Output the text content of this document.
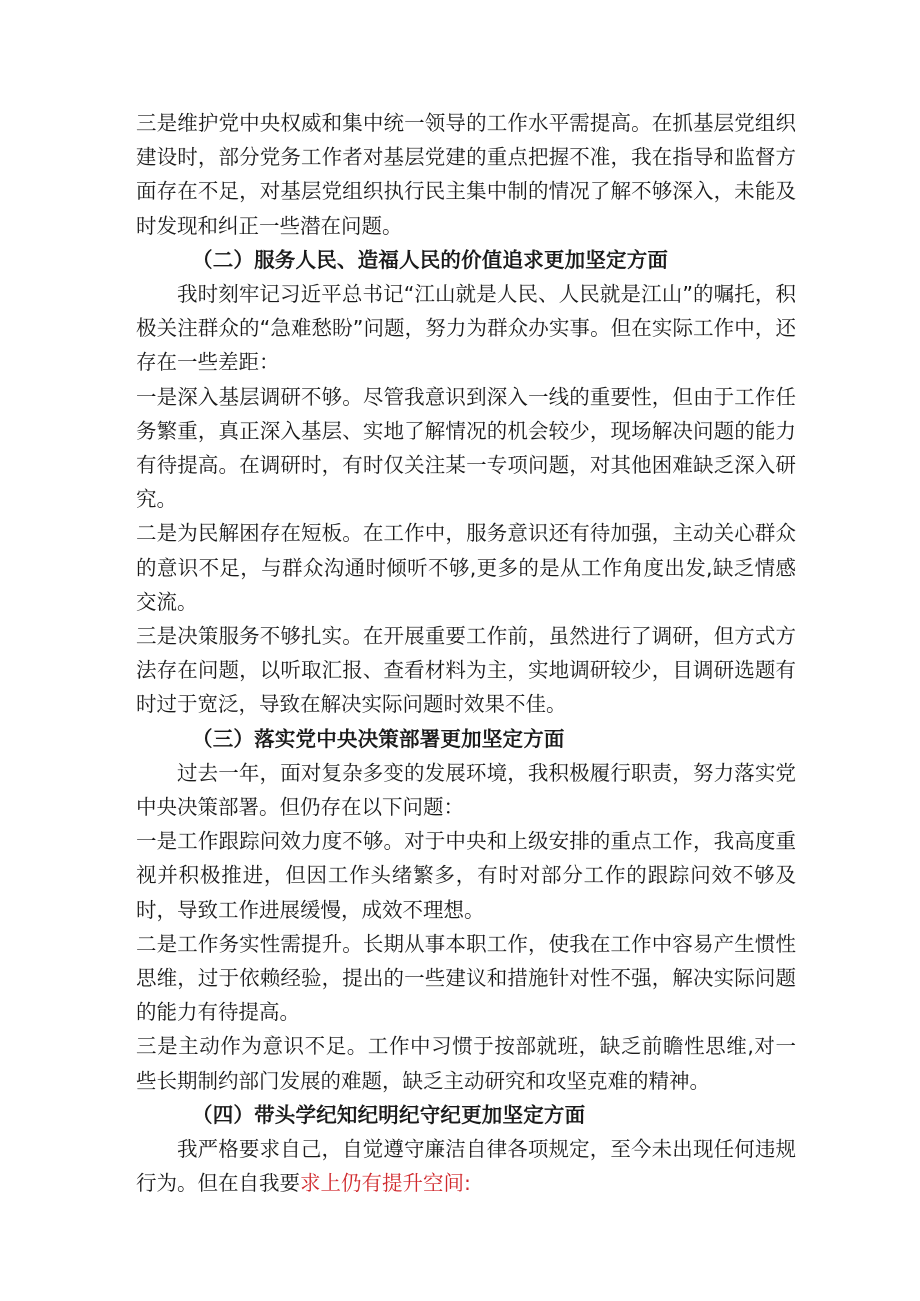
三是维护党中央权威和集中统一领导的工作水平需提高。在抓基层党组织建设时，部分党务工作者对基层党建的重点把握不准，我在指导和监督方面存在不足，对基层党组织执行民主集中制的情况了解不够深入，未能及时发现和纠正一些潜在问题。

（二）服务人民、造福人民的价值追求更加坚定方面

我时刻牢记习近平总书记“江山就是人民、人民就是江山”的嘱托，积极关注群众的“急难愁盼”问题，努力为群众办实事。但在实际工作中，还存在一些差距：

一是深入基层调研不够。尽管我意识到深入一线的重要性，但由于工作任务繁重，真正深入基层、实地了解情况的机会较少，现场解决问题的能力有待提高。在调研时，有时仅关注某一专项问题，对其他困难缺乏深入研究。

二是为民解困存在短板。在工作中，服务意识还有待加强，主动关心群众的意识不足，与群众沟通时倾听不够,更多的是从工作角度出发,缺乏情感交流。

三是决策服务不够扎实。在开展重要工作前，虽然进行了调研，但方式方法存在问题，以听取汇报、查看材料为主，实地调研较少，目调研选题有时过于宽泛，导致在解决实际问题时效果不佳。

（三）落实党中央决策部署更加坚定方面

过去一年，面对复杂多变的发展环境，我积极履行职责，努力落实党中央决策部署。但仍存在以下问题：

一是工作跟踪问效力度不够。对于中央和上级安排的重点工作，我高度重视并积极推进，但因工作头绪繁多，有时对部分工作的跟踪问效不够及时，导致工作进展缓慢，成效不理想。

二是工作务实性需提升。长期从事本职工作，使我在工作中容易产生惯性思维，过于依赖经验，提出的一些建议和措施针对性不强，解决实际问题的能力有待提高。

三是主动作为意识不足。工作中习惯于按部就班，缺乏前瞻性思维,对一些长期制约部门发展的难题，缺乏主动研究和攻坚克难的精神。

（四）带头学纪知纪明纪守纪更加坚定方面

我严格要求自己，自觉遵守廉洁自律各项规定，至今未出现任何违规行为。但在自我要求上仍有提升空间:
